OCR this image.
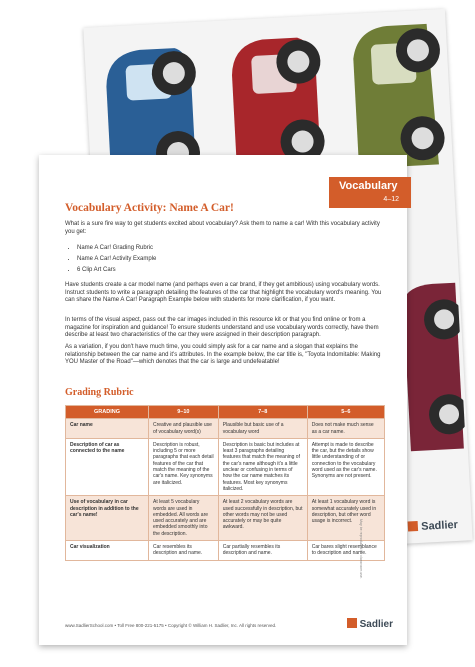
Sadlier
Vocabulary
4–12
Vocabulary Activity: Name A Car!
What is a sure fire way to get students excited about vocabulary? Ask them to name a car! With this vocabulary activity you get:
• Name A Car! Grading Rubric
• Name A Car! Activity Example
• 6 Clip Art Cars
Have students create a car model name (and perhaps even a car brand, if they get ambitious) using vocabulary words. Instruct students to write a paragraph detailing the features of the car that highlight the vocabulary word's meaning. You can share the Name A Car! Paragraph Example below with students for more clarification, if you want.
In terms of the visual aspect, pass out the car images included in this resource kit or that you find online or from a magazine for inspiration and guidance! To ensure students understand and use vocabulary words correctly, have them describe at least two characteristics of the car they were assigned in their description paragraph.
As a variation, if you don't have much time, you could simply ask for a car name and a slogan that explains the relationship between the car name and it's attributes. In the example below, the car title is, "Toyota Indomitable: Making YOU Master of the Road"—which denotes that the car is large and undefeatable!
Grading Rubric
GRADING	9–10	7–8	5–6
Car name	Creative and plausible use of vocabulary word(s)	Plausible but basic use of a vocabulary word	Does not make much sense as a car name.
Description of car as connected to the name	Description is robust, including 5 or more paragraphs that each detail features of the car that match the meaning of the car's name. Key synonyms are italicized.	Description is basic but includes at least 3 paragraphs detailing features that match the meaning of the car's name although it's a little unclear or confusing in terms of how the car name matches its features. Most key synonyms italicized.	Attempt is made to describe the car, but the details show little understanding of or connection to the vocabulary word used as the car's name. Synonyms are not present.
Use of vocabulary in car description in addition to the car's name!	At least 5 vocabulary words are used in embedded. All words are used accurately and are embedded smoothly into the description.	At least 2 vocabulary words are used successfully in description, but other words may not be used accurately or may be quite awkward.	At least 1 vocabulary word is somewhat accurately used in description, but other word usage is incorrect.
Car visualization	Car resembles its description and name.	Car partially resembles its description and name.	Car bares slight resemblance to description and name.
May be reproduced for classroom use.
www.SadlierSchool.com • Toll Free 800-221-5175 • Copyright © William H. Sadlier, Inc. All rights reserved.	Sadlier
